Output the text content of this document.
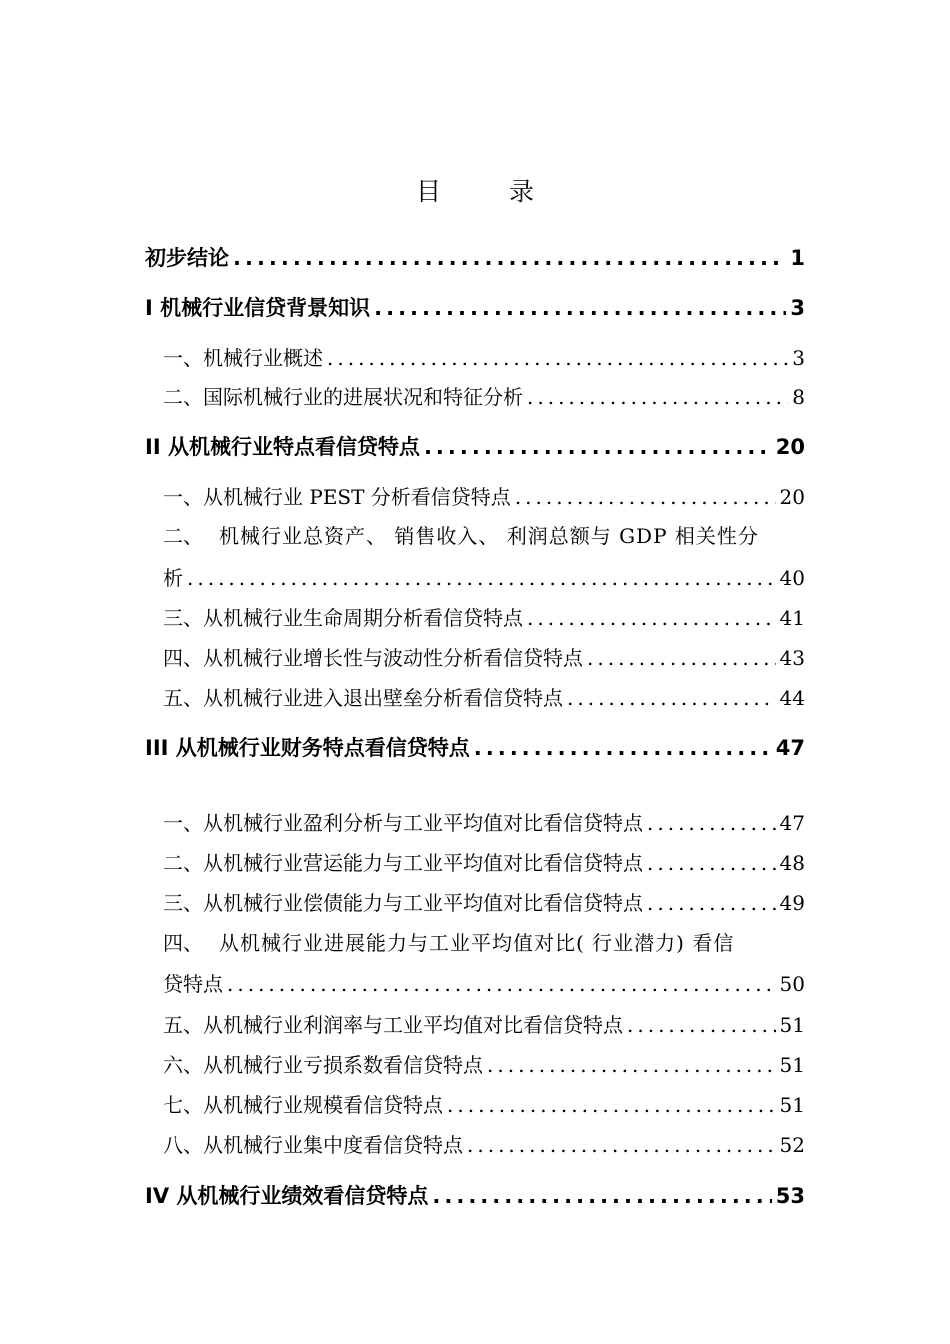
目 录
初步结论 .....	1
I 机械行业信贷背景知识 .....	3
一、 机械行业概述 .....	3
二、 国际机械行业的进展状况和特征分析 .....	8
II 从机械行业特点看信贷特点 .....	20
一、 从机械行业 PEST 分析看信贷特点 .....	20
二、 机械行业总资产、 销售收入、 利润总额与 GDP 相关性分
析 .....	40
三、 从机械行业生命周期分析看信贷特点 .....	41
四、 从机械行业增长性与波动性分析看信贷特点 .....	43
五、 从机械行业进入退出壁垒分析看信贷特点 .....	44
III 从机械行业财务特点看信贷特点 .....	47
一、 从机械行业盈利分析与工业平均值对比看信贷特点 .....	47
二、 从机械行业营运能力与工业平均值对比看信贷特点 .....	48
三、 从机械行业偿债能力与工业平均值对比看信贷特点 .....	49
四、 从机械行业进展能力与工业平均值对比( 行业潜力) 看信
贷特点 .....	50
五、 从机械行业利润率与工业平均值对比看信贷特点 .....	51
六、 从机械行业亏损系数看信贷特点 .....	51
七、 从机械行业规模看信贷特点 .....	51
八、 从机械行业集中度看信贷特点 .....	52
IV 从机械行业绩效看信贷特点 .....	53
